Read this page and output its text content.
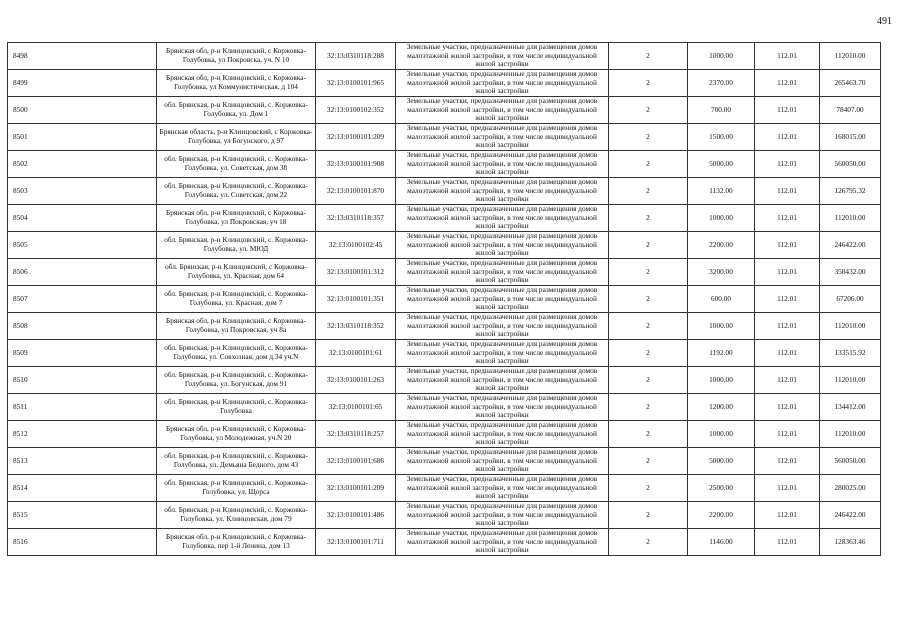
491
8498	Брянская обл, р-н Клинцовский, с Коржовка-Голубовка, ул Покровска, уч. N 10	32:13:0310118:288	Земельные участки, предназначенные для размещения домов малоэтажной жилой застройки, в том числе индивидуальной жилой застройки	2	1000.00	112.01	112010.00
8499	Брянская обл, р-н Клинцовский, с Коржовка-Голубовка, ул Коммунистическая, д 104	32:13:0100101:965	Земельные участки, предназначенные для размещения домов малоэтажной жилой застройки, в том числе индивидуальной жилой застройки	2	2370.00	112.01	265463.70
8500	обл. Брянская, р-н Клинцовский, с. Коржовка-Голубовка, ул. Дом 1	32:13:0100102:352	Земельные участки, предназначенные для размещения домов малоэтажной жилой застройки, в том числе индивидуальной жилой застройки	2	700.00	112.01	78407.00
8501	Брянская область, р-н Клинцовский, с Коржовка-Голубовка, ул Богунского, д 97	32:13:0100101:209	Земельные участки, предназначенные для размещения домов малоэтажной жилой застройки, в том числе индивидуальной жилой застройки	2	1500.00	112.01	168015.00
8502	обл. Брянская, р-н Клинцовский, с. Коржовка-Голубовка, ул. Советская, дом 38	32:13:0100101:908	Земельные участки, предназначенные для размещения домов малоэтажной жилой застройки, в том числе индивидуальной жилой застройки	2	5000.00	112.01	560050.00
8503	обл. Брянская, р-н Клинцовский, с. Коржовка-Голубовка, ул. Советская, дом 22	32:13:0100101:870	Земельные участки, предназначенные для размещения домов малоэтажной жилой застройки, в том числе индивидуальной жилой застройки	2	1132.00	112.01	126795.32
8504	Брянская обл, р-н Клинцовский, с Коржовка-Голубовка, ул Покровская, уч 18	32:13:0310118:357	Земельные участки, предназначенные для размещения домов малоэтажной жилой застройки, в том числе индивидуальной жилой застройки	2	1000.00	112.01	112010.00
8505	обл. Брянская, р-н Клинцовский, с. Коржовка-Голубовка, ул. МЮД	32:13:0100102:45	Земельные участки, предназначенные для размещения домов малоэтажной жилой застройки, в том числе индивидуальной жилой застройки	2	2200.00	112.01	246422.00
8506	обл. Брянская, р-н Клинцовский, с Коржовка-Голубовка, ул. Красная, дом 64	32:13:0100101:312	Земельные участки, предназначенные для размещения домов малоэтажной жилой застройки, в том числе индивидуальной жилой застройки	2	3200.00	112.01	358432.00
8507	обл. Брянская, р-н Клинцовский, с. Коржовка-Голубовка, ул. Красная, дом 7	32:13:0100101:351	Земельные участки, предназначенные для размещения домов малоэтажной жилой застройки, в том числе индивидуальной жилой застройки	2	600.00	112.01	67206.00
8508	Брянская обл, р-н Клинцовский, с Коржовка-Голубовка, ул Покровская, уч 8а	32:13:0310118:352	Земельные участки, предназначенные для размещения домов малоэтажной жилой застройки, в том числе индивидуальной жилой застройки	2	1000.00	112.01	112010.00
8509	обл. Брянская, р-н Клинцовский, с. Коржовка-Голубовка, ул. Совхозная, дом д.34 уч.N	32:13:0100101:61	Земельные участки, предназначенные для размещения домов малоэтажной жилой застройки, в том числе индивидуальной жилой застройки	2	1192.00	112.01	133515.92
8510	обл. Брянская, р-н Клинцовский, с. Коржовка-Голубовка, ул. Богунская, дом 91	32:13:0100101:263	Земельные участки, предназначенные для размещения домов малоэтажной жилой застройки, в том числе индивидуальной жилой застройки	2	1000.00	112.01	112010.00
8511	обл. Брянская, р-н Клинцовский, с. Коржовка-Голубовка	32:13:0100101:65	Земельные участки, предназначенные для размещения домов малоэтажной жилой застройки, в том числе индивидуальной жилой застройки	2	1200.00	112.01	134412.00
8512	Брянская обл, р-н Клинцовский, с Коржовка-Голубовка, ул Молодежная, уч.N 20	32:13:0310118:257	Земельные участки, предназначенные для размещения домов малоэтажной жилой застройки, в том числе индивидуальной жилой застройки	2	1000.00	112.01	112010.00
8513	обл. Брянская, р-н Клинцовский, с. Коржовка-Голубовка, ул. Демьяна Бедного, дом 43	32:13:0100101:686	Земельные участки, предназначенные для размещения домов малоэтажной жилой застройки, в том числе индивидуальной жилой застройки	2	5000.00	112.01	560050.00
8514	обл. Брянская, р-н Клинцовский, с. Коржовка-Голубовка, ул. Щорса	32:13:0100101:209	Земельные участки, предназначенные для размещения домов малоэтажной жилой застройки, в том числе индивидуальной жилой застройки	2	2500.00	112.01	280025.00
8515	обл. Брянская, р-н Клинцовский, с. Коржовка-Голубовка, ул. Клинцовская, дом 79	32:13:0100101:486	Земельные участки, предназначенные для размещения домов малоэтажной жилой застройки, в том числе индивидуальной жилой застройки	2	2200.00	112.01	246422.00
8516	Брянская обл, р-н Клинцовский, с Коржовка-Голубовка, пер 1-й Ленина, дом 13	32:13:0100101:711	Земельные участки, предназначенные для размещения домов малоэтажной жилой застройки, в том числе индивидуальной жилой застройки	2	1146.00	112.01	128363.46
